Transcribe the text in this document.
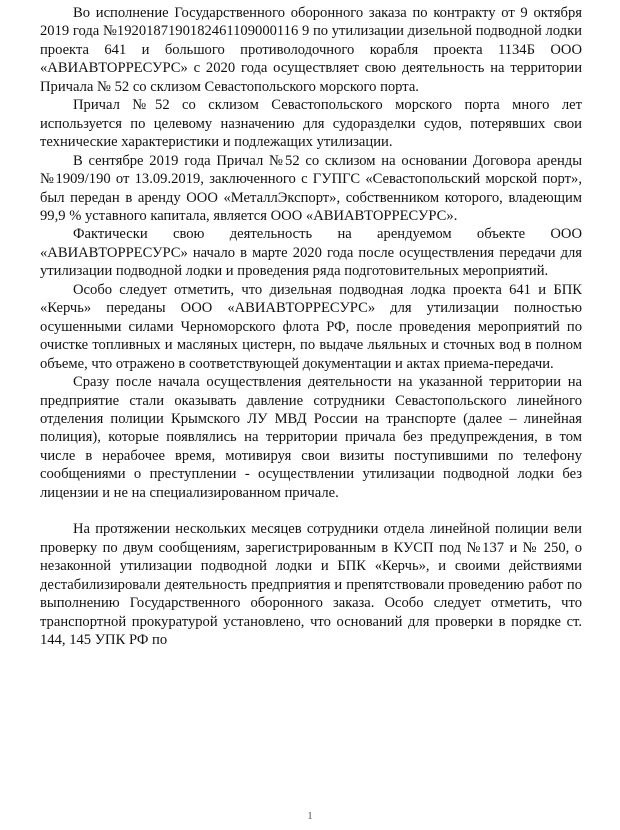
Во исполнение Государственного оборонного заказа по контракту от 9 октября 2019 года №1920187190182461109000116 9 по утилизации дизельной подводной лодки проекта 641 и большого противолодочного корабля проекта 1134Б ООО «АВИАВТОРРЕСУРС» с 2020 года осуществляет свою деятельность на территории Причала № 52 со склизом Севастопольского морского порта.

Причал №52 со склизом Севастопольского морского порта много лет используется по целевому назначению для судоразделки судов, потерявших свои технические характеристики и подлежащих утилизации.

В сентябре 2019 года Причал №52 со склизом на основании Договора аренды №1909/190 от 13.09.2019, заключенного с ГУПГС «Севастопольский морской порт», был передан в аренду ООО «МеталлЭкспорт», собственником которого, владеющим 99,9 % уставного капитала, является ООО «АВИАВТОРРЕСУРС».

Фактически свою деятельность на арендуемом объекте ООО «АВИАВТОРРЕСУРС» начало в марте 2020 года после осуществления передачи для утилизации подводной лодки и проведения ряда подготовительных мероприятий.

Особо следует отметить, что дизельная подводная лодка проекта 641 и БПК «Керчь» переданы ООО «АВИАВТОРРЕСУРС» для утилизации полностью осушенными силами Черноморского флота РФ, после проведения мероприятий по очистке топливных и масляных цистерн, по выдаче льяльных и сточных вод в полном объеме, что отражено в соответствующей документации и актах приема-передачи.

Сразу после начала осуществления деятельности на указанной территории на предприятие стали оказывать давление сотрудники Севастопольского линейного отделения полиции Крымского ЛУ МВД России на транспорте (далее – линейная полиция), которые появлялись на территории причала без предупреждения, в том числе в нерабочее время, мотивируя свои визиты поступившими по телефону сообщениями о преступлении - осуществлении утилизации подводной лодки без лицензии и не на специализированном причале.

На протяжении нескольких месяцев сотрудники отдела линейной полиции вели проверку по двум сообщениям, зарегистрированным в КУСП под №137 и № 250, о незаконной утилизации подводной лодки и БПК «Керчь», и своими действиями дестабилизировали деятельность предприятия и препятствовали проведению работ по выполнению Государственного оборонного заказа. Особо следует отметить, что транспортной прокуратурой установлено, что оснований для проверки в порядке ст. 144, 145 УПК РФ по

1
